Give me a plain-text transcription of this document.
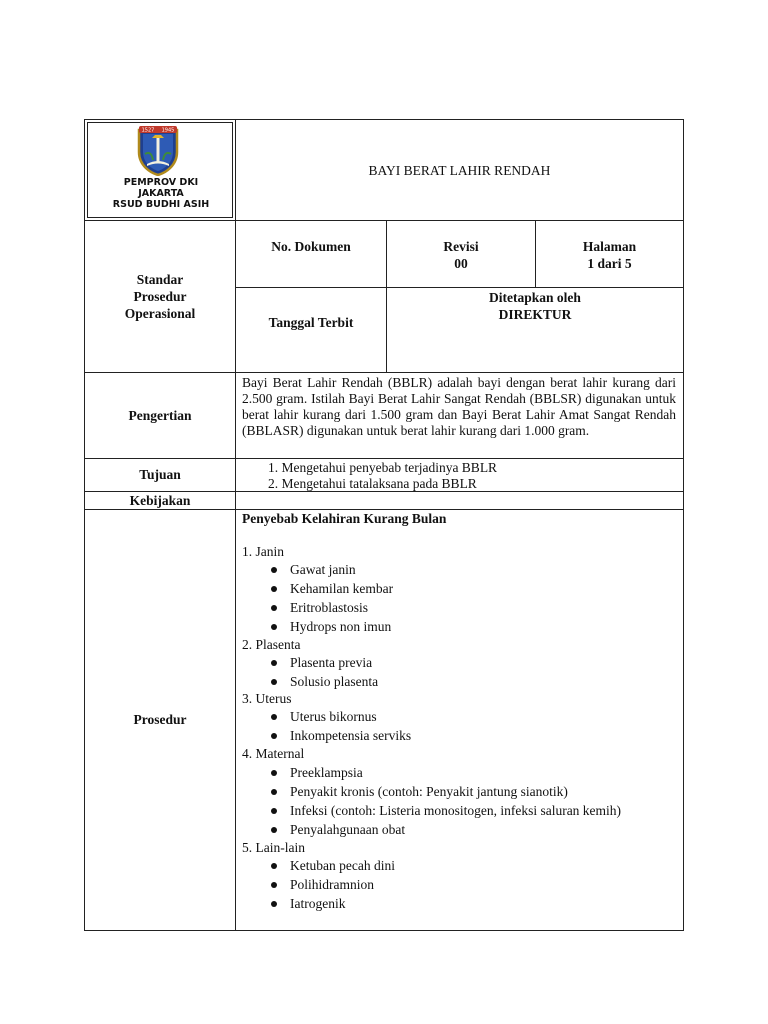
1527 1945
PEMPROV DKI
JAKARTA
RSUD BUDHI ASIH
BAYI BERAT LAHIR RENDAH
Standar
Prosedur
Operasional
No. Dokumen	Revisi
00
Halaman
1 dari 5
Tanggal Terbit
Ditetapkan oleh
DIREKTUR
Pengertian
Bayi Berat Lahir Rendah (BBLR) adalah bayi dengan berat lahir kurang dari 2.500 gram. Istilah Bayi Berat Lahir Sangat Rendah (BBLSR) digunakan untuk berat lahir kurang dari 1.500 gram dan Bayi Berat Lahir Amat Sangat Rendah (BBLASR) digunakan untuk berat lahir kurang dari 1.000 gram.
Tujuan	1. Mengetahui penyebab terjadinya BBLR
2. Mengetahui tatalaksana pada BBLR
Kebijakan
Prosedur
Penyebab Kelahiran Kurang Bulan
1. Janin
Gawat janin
Kehamilan kembar
Eritroblastosis
Hydrops non imun
2. Plasenta
Plasenta previa
Solusio plasenta
3. Uterus
Uterus bikornus
Inkompetensia serviks
4. Maternal
Preeklampsia
Penyakit kronis (contoh: Penyakit jantung sianotik)
Infeksi (contoh: Listeria monositogen, infeksi saluran kemih)
Penyalahgunaan obat
5. Lain-lain
Ketuban pecah dini
Polihidramnion
Iatrogenik
